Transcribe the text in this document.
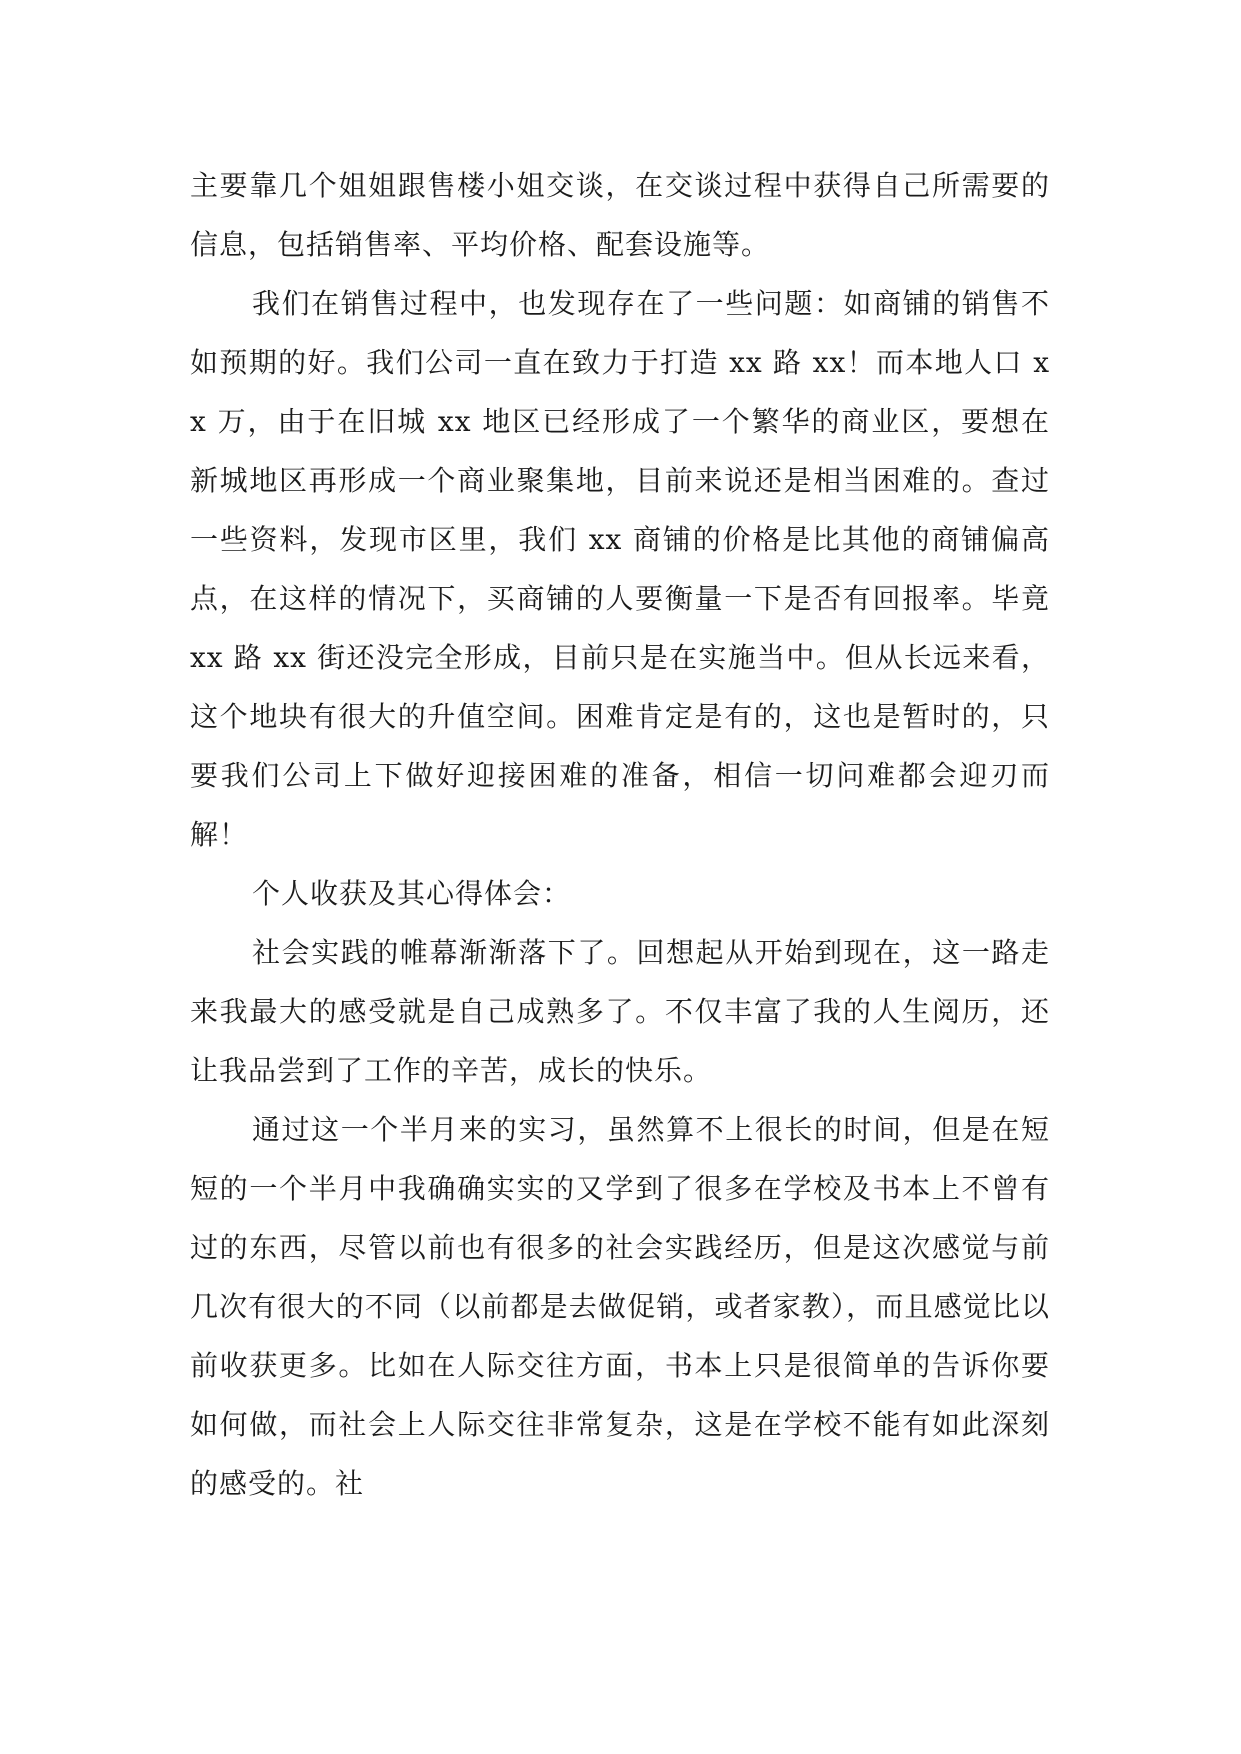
主要靠几个姐姐跟售楼小姐交谈，在交谈过程中获得自己所需要的信息，包括销售率、平均价格、配套设施等。

我们在销售过程中，也发现存在了一些问题：如商铺的销售不如预期的好。我们公司一直在致力于打造 xx 路 xx！而本地人口 xx 万，由于在旧城 xx 地区已经形成了一个繁华的商业区，要想在新城地区再形成一个商业聚集地，目前来说还是相当困难的。查过一些资料，发现市区里，我们 xx 商铺的价格是比其他的商铺偏高点，在这样的情况下，买商铺的人要衡量一下是否有回报率。毕竟 xx 路 xx 街还没完全形成，目前只是在实施当中。但从长远来看，这个地块有很大的升值空间。困难肯定是有的，这也是暂时的，只要我们公司上下做好迎接困难的准备，相信一切问难都会迎刃而解！

个人收获及其心得体会：

社会实践的帷幕渐渐落下了。回想起从开始到现在，这一路走来我最大的感受就是自己成熟多了。不仅丰富了我的人生阅历，还让我品尝到了工作的辛苦，成长的快乐。

通过这一个半月来的实习，虽然算不上很长的时间，但是在短短的一个半月中我确确实实的又学到了很多在学校及书本上不曾有过的东西，尽管以前也有很多的社会实践经历，但是这次感觉与前几次有很大的不同（以前都是去做促销，或者家教），而且感觉比以前收获更多。比如在人际交往方面，书本上只是很简单的告诉你要如何做，而社会上人际交往非常复杂，这是在学校不能有如此深刻的感受的。社
